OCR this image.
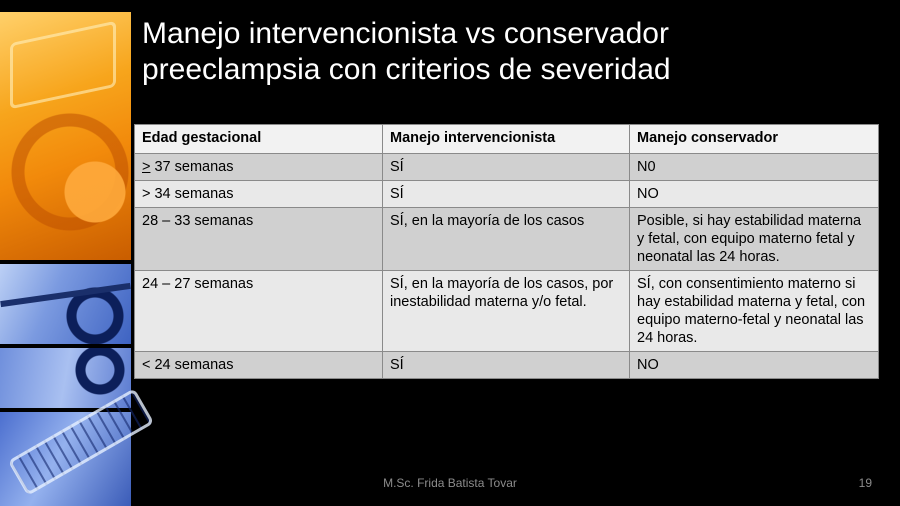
Manejo intervencionista vs conservador
preeclampsia con criterios de severidad
Edad gestacional	Manejo intervencionista	Manejo conservador
> 37 semanas	SÍ	N0
> 34 semanas	SÍ	NO
28 – 33 semanas	SÍ, en la mayoría de los casos	Posible, si hay estabilidad materna y fetal, con equipo materno fetal y neonatal las 24 horas.
24 – 27 semanas	SÍ, en la mayoría de los casos, por inestabilidad materna y/o fetal.	SÍ, con consentimiento materno si hay estabilidad materna y fetal, con equipo materno-fetal y neonatal las 24 horas.
< 24 semanas	SÍ	NO
M.Sc. Frida Batista Tovar	19
